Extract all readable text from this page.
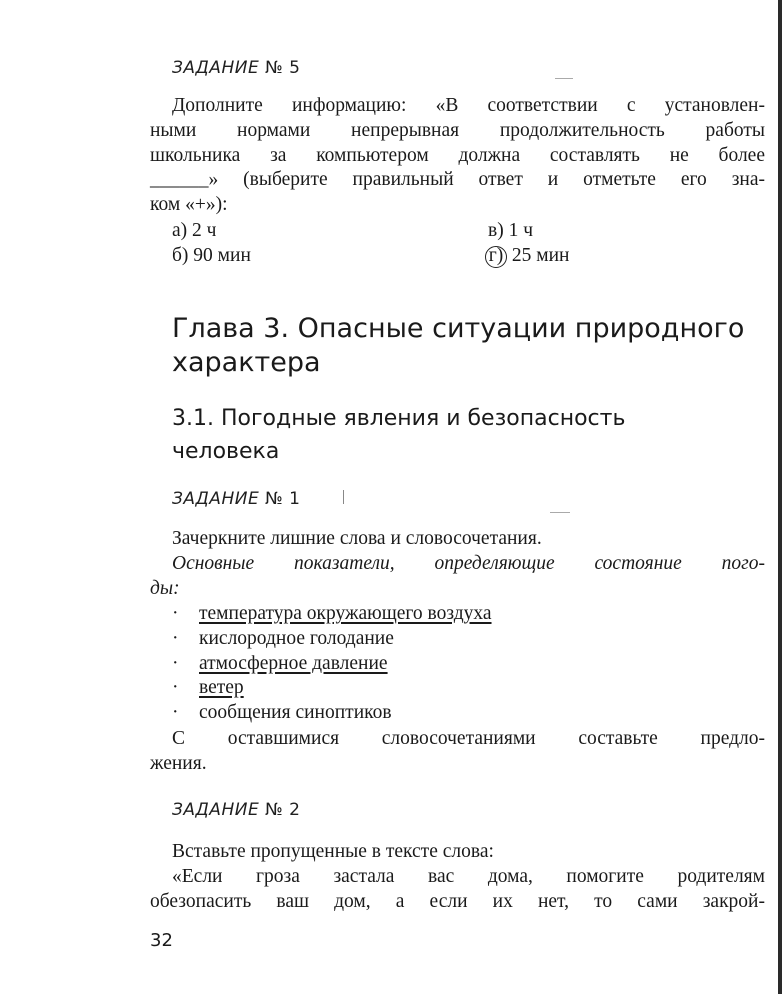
ЗАДАНИЕ № 5
Дополните информацию: «В соответствии с установлен-
ными нормами непрерывная продолжительность работы
школьника за компьютером должна составлять не более
______» (выберите правильный ответ и отметьте его зна-
ком «+»):
а) 2 ч
б) 90 мин
в) 1 ч
г) 25 мин
Глава 3. Опасные ситуации природного
характера
3.1. Погодные явления и безопасность
человека
ЗАДАНИЕ № 1
Зачеркните лишние слова и словосочетания.
Основные показатели, определяющие состояние пого-
ды:
· температура окружающего воздуха
· кислородное голодание
· атмосферное давление
· ветер
· сообщения синоптиков
С оставшимися словосочетаниями составьте предло-
жения.
ЗАДАНИЕ № 2
Вставьте пропущенные в тексте слова:
«Если гроза застала вас дома, помогите родителям
обезопасить ваш дом, а если их нет, то сами закрой-
32
